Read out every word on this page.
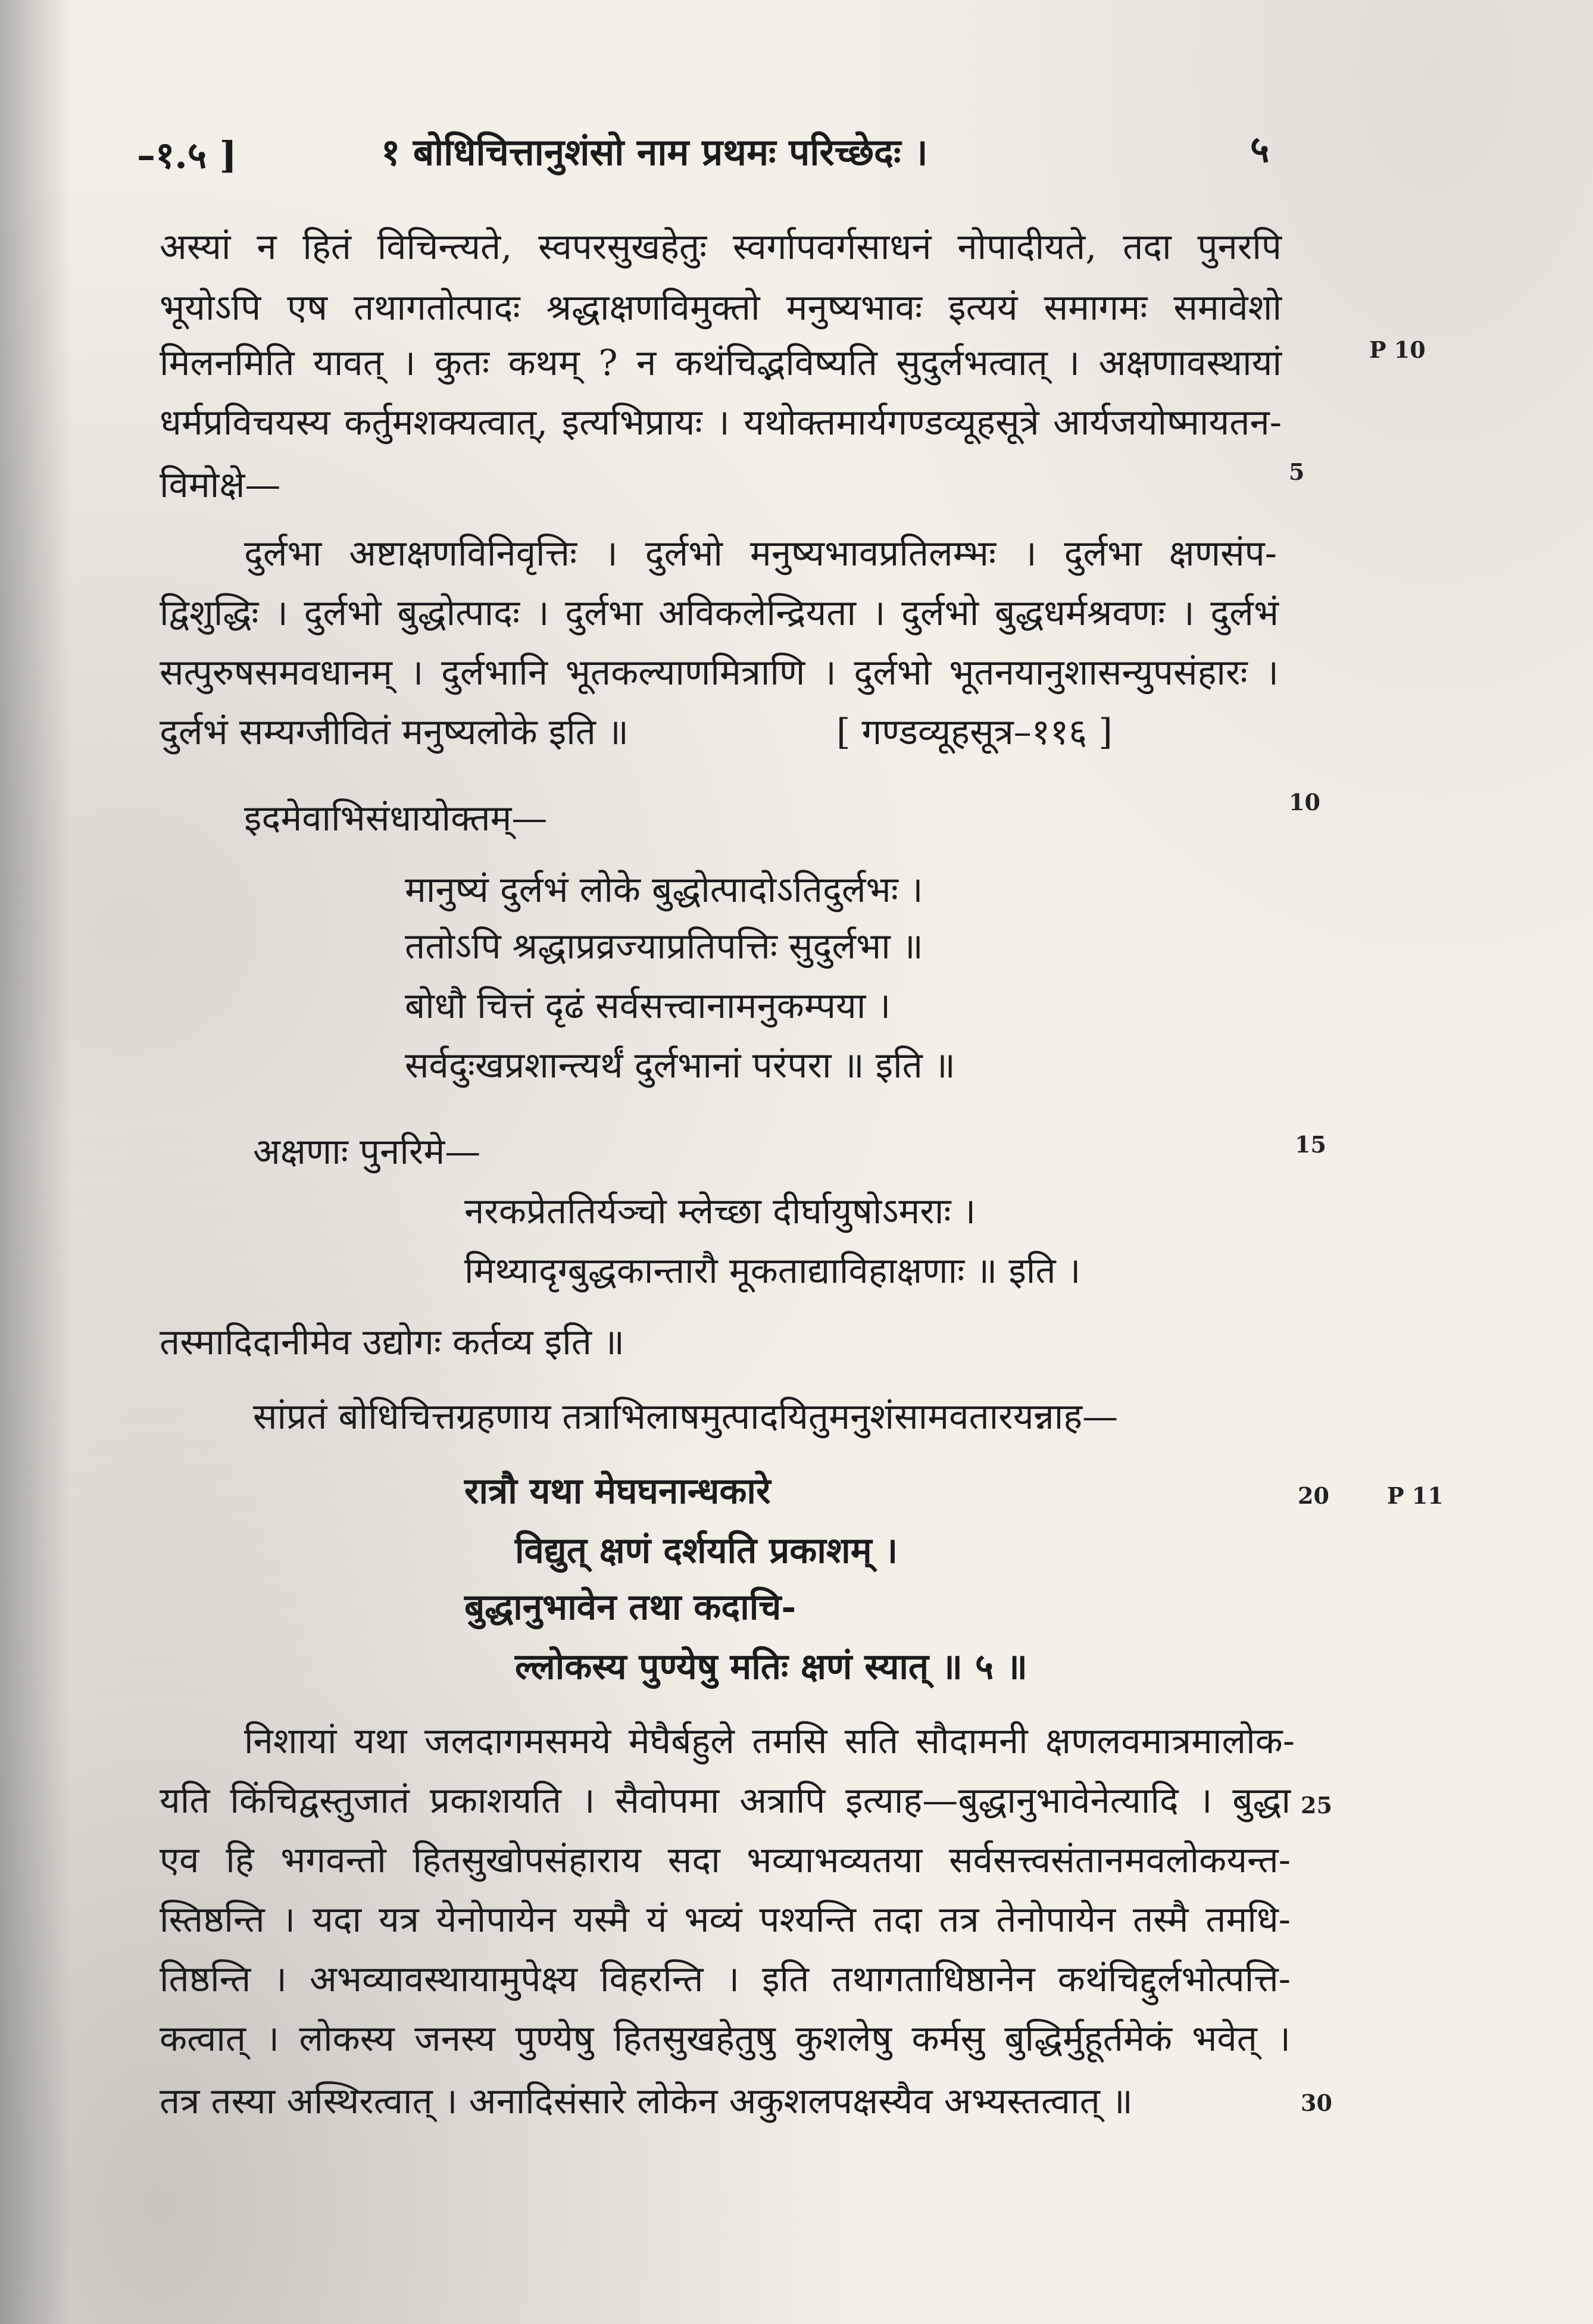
–१.५ ]	१ बोधिचित्तानुशंसो नाम प्रथमः परिच्छेदः ।	५
अस्यां न हितं विचिन्त्यते, स्वपरसुखहेतुः स्वर्गापवर्गसाधनं नोपादीयते, तदा पुनरपि
भूयोऽपि एष तथागतोत्पादः श्रद्धाक्षणविमुक्तो मनुष्यभावः इत्ययं समागमः समावेशो
मिलनमिति यावत् । कुतः कथम् ? न कथंचिद्भविष्यति सुदुर्लभत्वात् । अक्षणावस्थायां
धर्मप्रविचयस्य कर्तुमशक्यत्वात्, इत्यभिप्रायः । यथोक्तमार्यगण्डव्यूहसूत्रे आर्यजयोष्मायतन-
विमोक्षे—
P 10
5
दुर्लभा अष्टाक्षणविनिवृत्तिः । दुर्लभो मनुष्यभावप्रतिलम्भः । दुर्लभा क्षणसंप-
द्विशुद्धिः । दुर्लभो बुद्धोत्पादः । दुर्लभा अविकलेन्द्रियता । दुर्लभो बुद्धधर्मश्रवणः । दुर्लभं
सत्पुरुषसमवधानम् । दुर्लभानि भूतकल्याणमित्राणि । दुर्लभो भूतनयानुशासन्युपसंहारः ।
दुर्लभं सम्यग्जीवितं मनुष्यलोके इति ॥	[ गण्डव्यूहसूत्र–११६ ]
इदमेवाभिसंधायोक्तम्—	10
मानुष्यं दुर्लभं लोके बुद्धोत्पादोऽतिदुर्लभः ।
ततोऽपि श्रद्धाप्रव्रज्याप्रतिपत्तिः सुदुर्लभा ॥
बोधौ चित्तं दृढं सर्वसत्त्वानामनुकम्पया ।
सर्वदुःखप्रशान्त्यर्थं दुर्लभानां परंपरा ॥ इति ॥
अक्षणाः पुनरिमे—	15
नरकप्रेततिर्यञ्चो म्लेच्छा दीर्घायुषोऽमराः ।
मिथ्यादृग्बुद्धकान्तारौ मूकताद्याविहाक्षणाः ॥ इति ।
तस्मादिदानीमेव उद्योगः कर्तव्य इति ॥
सांप्रतं बोधिचित्तग्रहणाय तत्राभिलाषमुत्पादयितुमनुशंसामवतारयन्नाह—
रात्रौ यथा मेघघनान्धकारे
विद्युत् क्षणं दर्शयति प्रकाशम् ।
बुद्धानुभावेन तथा कदाचि-
ल्लोकस्य पुण्येषु मतिः क्षणं स्यात् ॥ ५ ॥
20	P 11
निशायां यथा जलदागमसमये मेघैर्बहुले तमसि सति सौदामनी क्षणलवमात्रमालोक-
यति किंचिद्वस्तुजातं प्रकाशयति । सैवोपमा अत्रापि इत्याह—बुद्धानुभावेनेत्यादि । बुद्धा
एव हि भगवन्तो हितसुखोपसंहाराय सदा भव्याभव्यतया सर्वसत्त्वसंतानमवलोकयन्त-
स्तिष्ठन्ति । यदा यत्र येनोपायेन यस्मै यं भव्यं पश्यन्ति तदा तत्र तेनोपायेन तस्मै तमधि-
तिष्ठन्ति । अभव्यावस्थायामुपेक्ष्य विहरन्ति । इति तथागताधिष्ठानेन कथंचिद्दुर्लभोत्पत्ति-
कत्वात् । लोकस्य जनस्य पुण्येषु हितसुखहेतुषु कुशलेषु कर्मसु बुद्धिर्मुहूर्तमेकं भवेत् ।
तत्र तस्या अस्थिरत्वात् । अनादिसंसारे लोकेन अकुशलपक्षस्यैव अभ्यस्तत्वात् ॥
25
30
